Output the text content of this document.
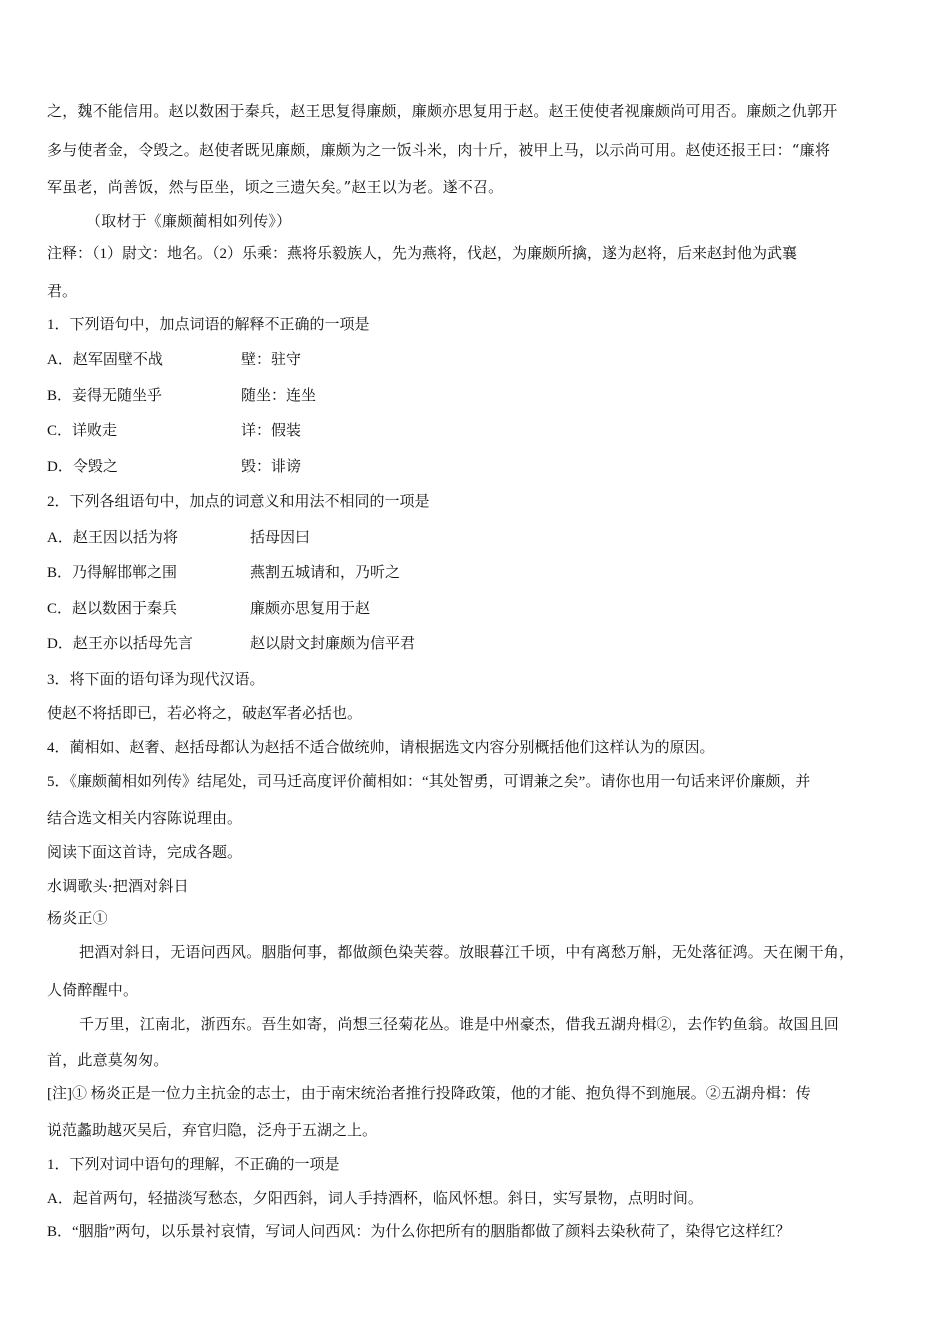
之，魏不能信用。赵以数困于秦兵，赵王思复得廉颇，廉颇亦思复用于赵。赵王使使者视廉颇尚可用否。廉颇之仇郭开
多与使者金，令毁之。赵使者既见廉颇，廉颇为之一饭斗米，肉十斤，被甲上马，以示尚可用。赵使还报王曰：“廉将
军虽老，尚善饭，然与臣坐，顷之三遗矢矣。”赵王以为老。遂不召。
（取材于《廉颇蔺相如列传》）
注释：（1）尉文：地名。（2）乐乘：燕将乐毅族人，先为燕将，伐赵，为廉颇所擒，遂为赵将，后来赵封他为武襄
君。
1．下列语句中，加点词语的解释不正确的一项是
A．赵军固壁不战	壁：驻守
B．妾得无随坐乎	随坐：连坐
C．详败走	详：假装
D．令毁之	毁：诽谤
2．下列各组语句中，加点的词意义和用法不相同的一项是
A．赵王因以括为将	括母因曰
B．乃得解邯郸之围	燕割五城请和，乃听之
C．赵以数困于秦兵	廉颇亦思复用于赵
D．赵王亦以括母先言	赵以尉文封廉颇为信平君
3．将下面的语句译为现代汉语。
使赵不将括即已，若必将之，破赵军者必括也。
4．蔺相如、赵奢、赵括母都认为赵括不适合做统帅，请根据选文内容分别概括他们这样认为的原因。
5．《廉颇蔺相如列传》结尾处，司马迁高度评价蔺相如：“其处智勇，可谓兼之矣”。请你也用一句话来评价廉颇，并
结合选文相关内容陈说理由。
阅读下面这首诗，完成各题。
水调歌头·把酒对斜日
杨炎正①
把酒对斜日，无语问西风。胭脂何事，都做颜色染芙蓉。放眼暮江千顷，中有离愁万斛，无处落征鸿。天在阑干角，
人倚醉醒中。
千万里，江南北，浙西东。吾生如寄，尚想三径菊花丛。谁是中州豪杰，借我五湖舟楫②，去作钓鱼翁。故国且回
首，此意莫匆匆。
[注]① 杨炎正是一位力主抗金的志士，由于南宋统治者推行投降政策，他的才能、抱负得不到施展。②五湖舟楫：传
说范蠡助越灭吴后，弃官归隐，泛舟于五湖之上。
1．下列对词中语句的理解，不正确的一项是
A．起首两句，轻描淡写愁态，夕阳西斜，词人手持酒杯，临风怀想。斜日，实写景物，点明时间。
B．“胭脂”两句，以乐景衬哀情，写词人问西风：为什么你把所有的胭脂都做了颜料去染秋荷了，染得它这样红？
